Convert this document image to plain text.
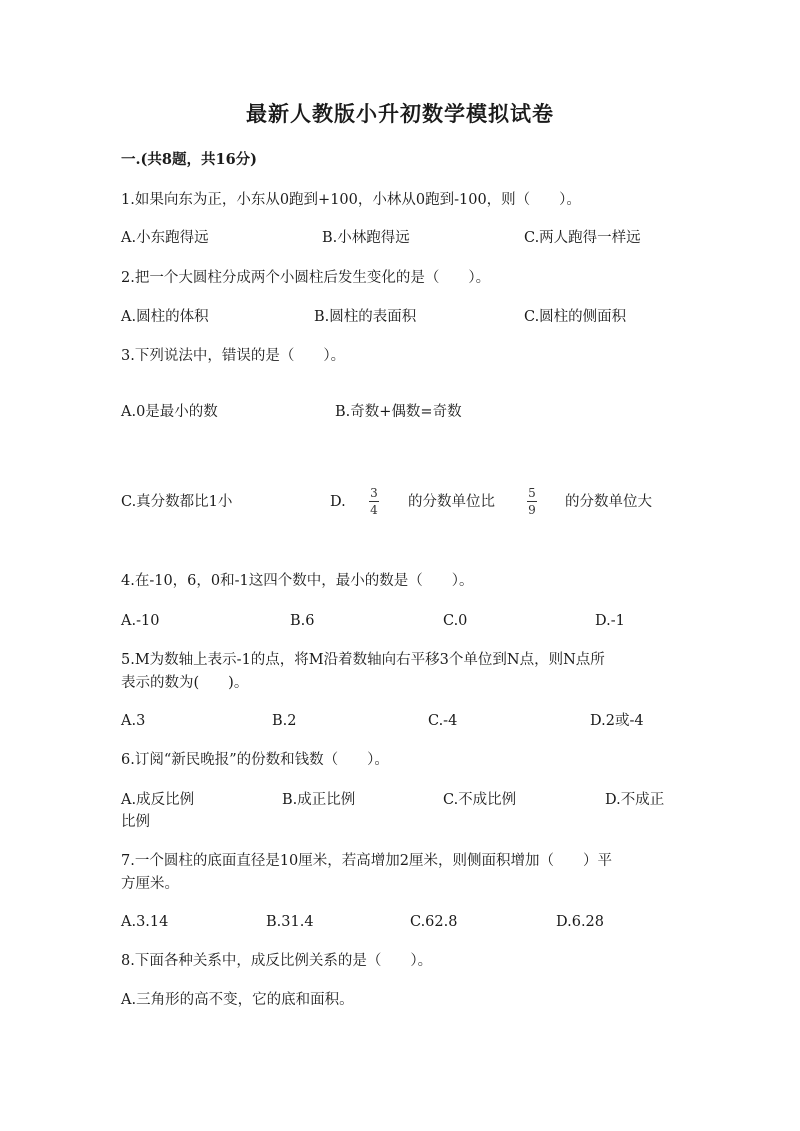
最新人教版小升初数学模拟试卷
一.(共8题，共16分)
1.如果向东为正，小东从0跑到+100，小林从0跑到-100，则（　　）。
A.小东跑得远	B.小林跑得远	C.两人跑得一样远
2.把一个大圆柱分成两个小圆柱后发生变化的是（　　）。
A.圆柱的体积	B.圆柱的表面积	C.圆柱的侧面积
3.下列说法中，错误的是（　　）。
A.0是最小的数	B.奇数+偶数=奇数
C.真分数都比1小	D.
3
4 的分数单位比
5
9 的分数单位大
4.在-10，6，0和-1这四个数中，最小的数是（　　）。
A.-10	B.6	C.0	D.-1
5.M为数轴上表示-1的点，将M沿着数轴向右平移3个单位到N点，则N点所
表示的数为(　　)。
A.3	B.2	C.-4	D.2或-4
6.订阅“新民晚报”的份数和钱数（　　）。
A.成反比例	B.成正比例	C.不成比例	D.不成正
比例
7.一个圆柱的底面直径是10厘米，若高增加2厘米，则侧面积增加（　　）平
方厘米。
A.3.14	B.31.4	C.62.8	D.6.28
8.下面各种关系中，成反比例关系的是（　　）。
A.三角形的高不变，它的底和面积。
